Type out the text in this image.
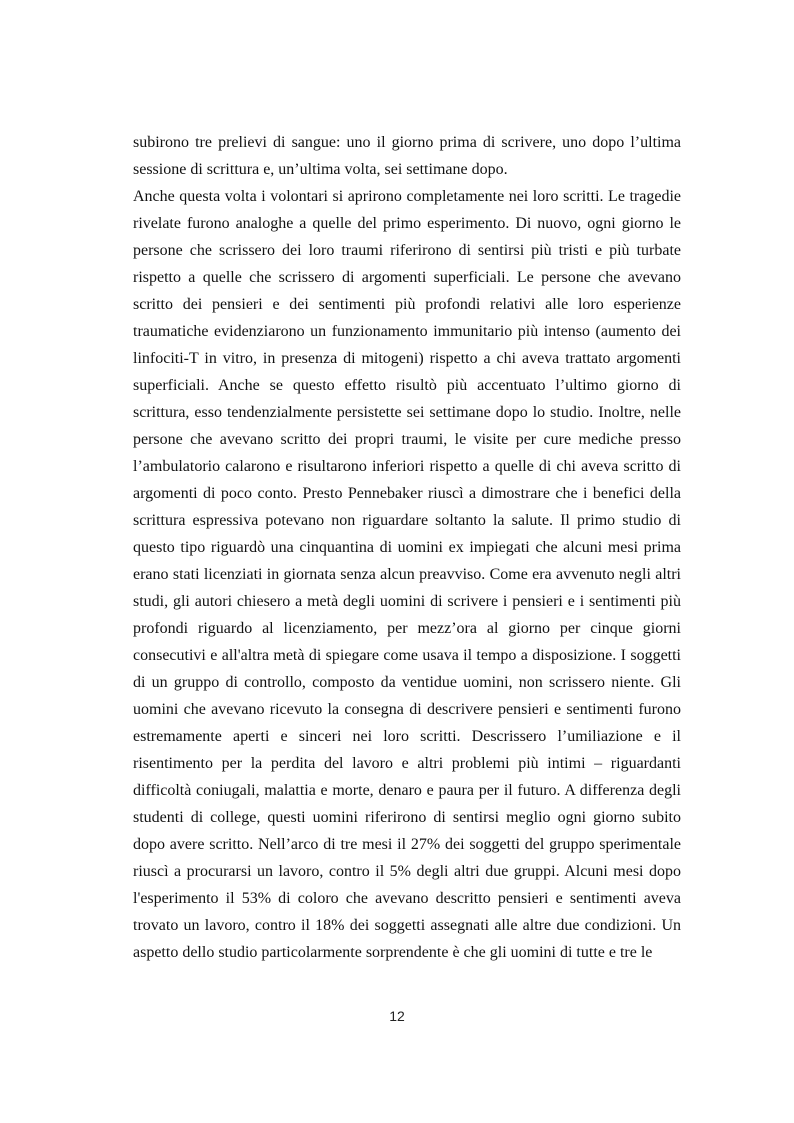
subirono tre prelievi di sangue: uno il giorno prima di scrivere, uno dopo l’ultima sessione di scrittura e, un’ultima volta, sei settimane dopo.

Anche questa volta i volontari si aprirono completamente nei loro scritti. Le tragedie rivelate furono analoghe a quelle del primo esperimento. Di nuovo, ogni giorno le persone che scrissero dei loro traumi riferirono di sentirsi più tristi e più turbate rispetto a quelle che scrissero di argomenti superficiali. Le persone che avevano scritto dei pensieri e dei sentimenti più profondi relativi alle loro esperienze traumatiche evidenziarono un funzionamento immunitario più intenso (aumento dei linfociti-T in vitro, in presenza di mitogeni) rispetto a chi aveva trattato argomenti superficiali. Anche se questo effetto risultò più accentuato l’ultimo giorno di scrittura, esso tendenzialmente persistette sei settimane dopo lo studio. Inoltre, nelle persone che avevano scritto dei propri traumi, le visite per cure mediche presso l’ambulatorio calarono e risultarono inferiori rispetto a quelle di chi aveva scritto di argomenti di poco conto. Presto Pennebaker riuscì a dimostrare che i benefici della scrittura espressiva potevano non riguardare soltanto la salute. Il primo studio di questo tipo riguardò una cinquantina di uomini ex impiegati che alcuni mesi prima erano stati licenziati in giornata senza alcun preavviso. Come era avvenuto negli altri studi, gli autori chiesero a metà degli uomini di scrivere i pensieri e i sentimenti più profondi riguardo al licenziamento, per mezz’ora al giorno per cinque giorni consecutivi e all'altra metà di spiegare come usava il tempo a disposizione. I soggetti di un gruppo di controllo, composto da ventidue uomini, non scrissero niente. Gli uomini che avevano ricevuto la consegna di descrivere pensieri e sentimenti furono estremamente aperti e sinceri nei loro scritti. Descrissero l’umiliazione e il risentimento per la perdita del lavoro e altri problemi più intimi – riguardanti difficoltà coniugali, malattia e morte, denaro e paura per il futuro. A differenza degli studenti di college, questi uomini riferirono di sentirsi meglio ogni giorno subito dopo avere scritto. Nell’arco di tre mesi il 27% dei soggetti del gruppo sperimentale riuscì a procurarsi un lavoro, contro il 5% degli altri due gruppi. Alcuni mesi dopo l'esperimento il 53% di coloro che avevano descritto pensieri e sentimenti aveva trovato un lavoro, contro il 18% dei soggetti assegnati alle altre due condizioni. Un aspetto dello studio particolarmente sorprendente è che gli uomini di tutte e tre le

12
